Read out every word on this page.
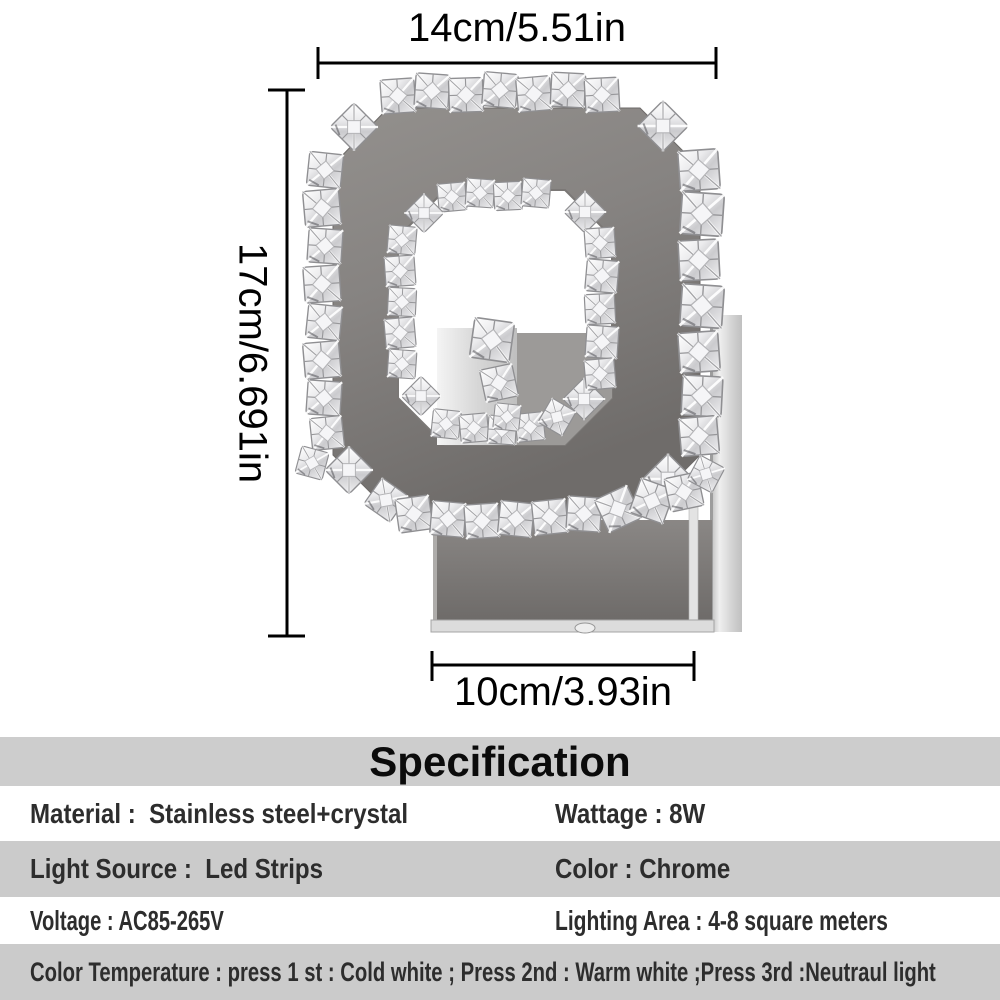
14cm/5.51in
17cm/6.691in
10cm/3.93in
Specification
Material :  Stainless steel+crystal	Wattage : 8W
Light Source :  Led Strips	Color : Chrome
Voltage : AC85-265V	Lighting Area : 4-8 square meters
Color Temperature : press 1 st : Cold white ; Press 2nd : Warm white ;Press 3rd :Neutraul light
